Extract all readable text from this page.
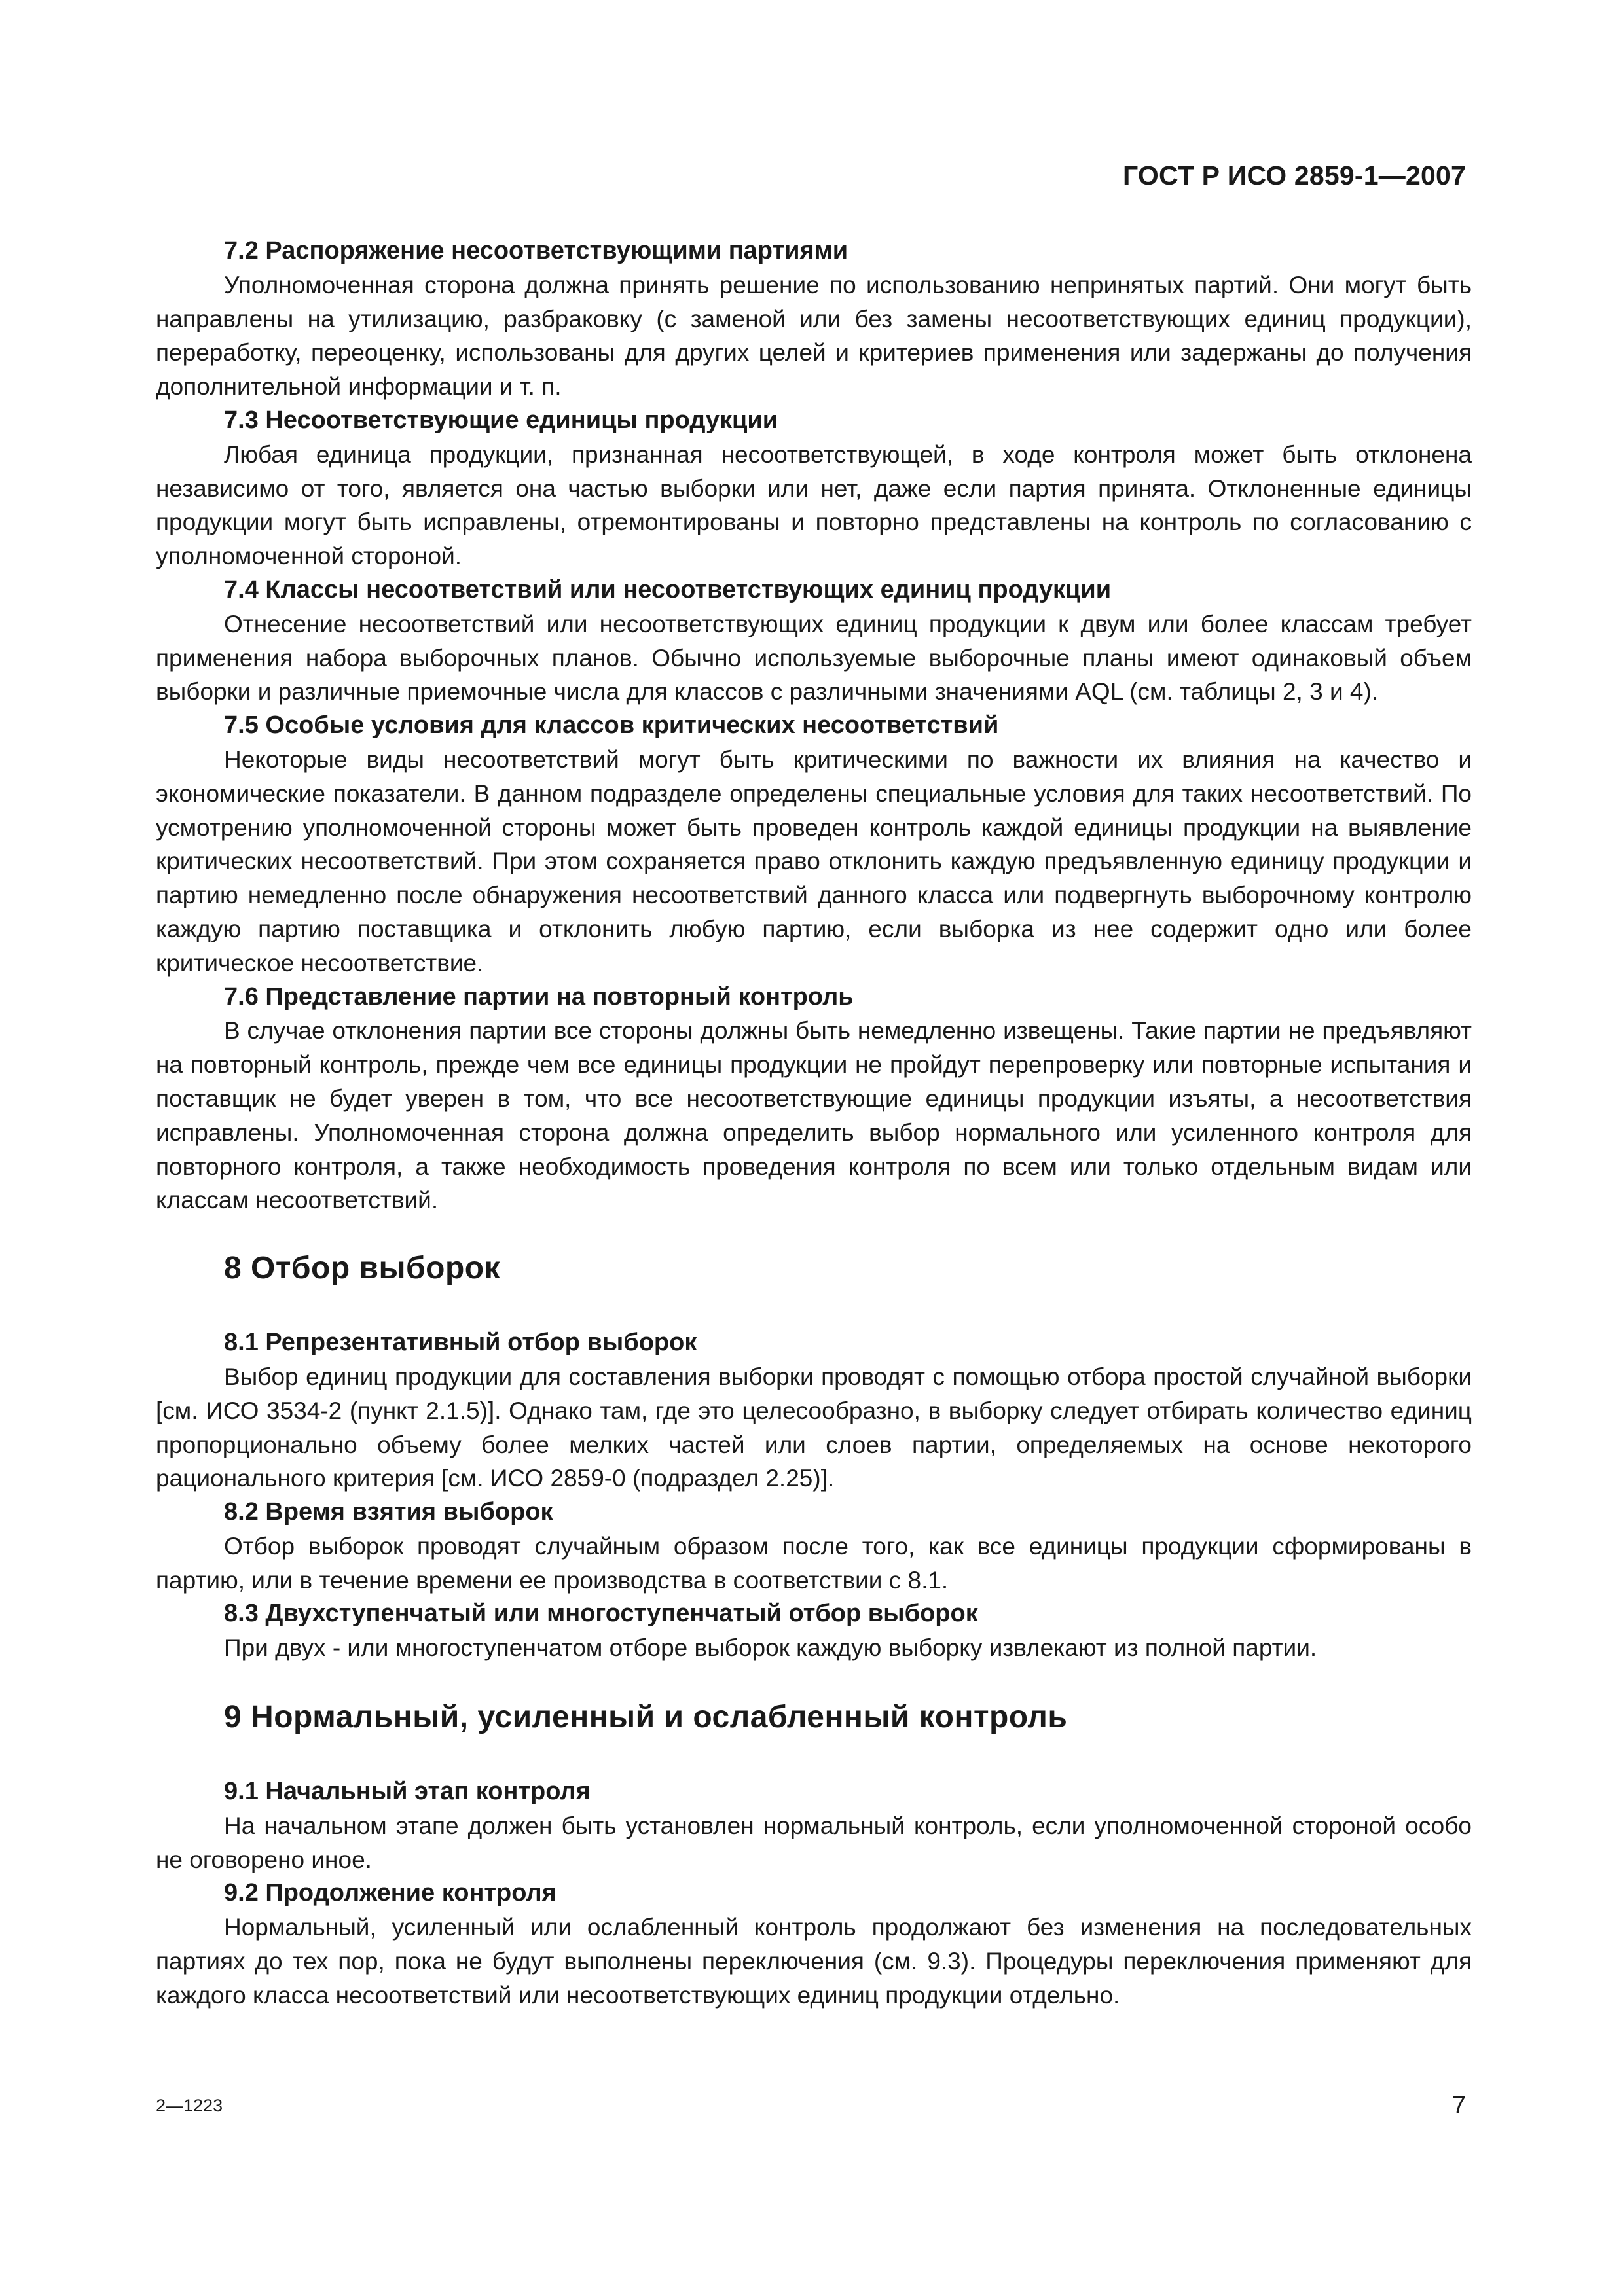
ГОСТ Р ИСО 2859-1—2007
7.2 Распоряжение несоответствующими партиями

Уполномоченная сторона должна принять решение по использованию непринятых партий. Они могут быть направлены на утилизацию, разбраковку (с заменой или без замены несоответствующих единиц продукции), переработку, переоценку, использованы для других целей и критериев применения или задержаны до получения дополнительной информации и т. п.

7.3 Несоответствующие единицы продукции

Любая единица продукции, признанная несоответствующей, в ходе контроля может быть отклонена независимо от того, является она частью выборки или нет, даже если партия принята. Отклоненные единицы продукции могут быть исправлены, отремонтированы и повторно представлены на контроль по согласованию с уполномоченной стороной.

7.4 Классы несоответствий или несоответствующих единиц продукции

Отнесение несоответствий или несоответствующих единиц продукции к двум или более классам требует применения набора выборочных планов. Обычно используемые выборочные планы имеют одинаковый объем выборки и различные приемочные числа для классов с различными значениями AQL (см. таблицы 2, 3 и 4).

7.5 Особые условия для классов критических несоответствий

Некоторые виды несоответствий могут быть критическими по важности их влияния на качество и экономические показатели. В данном подразделе определены специальные условия для таких несоответствий. По усмотрению уполномоченной стороны может быть проведен контроль каждой единицы продукции на выявление критических несоответствий. При этом сохраняется право отклонить каждую предъявленную единицу продукции и партию немедленно после обнаружения несоответствий данного класса или подвергнуть выборочному контролю каждую партию поставщика и отклонить любую партию, если выборка из нее содержит одно или более критическое несоответствие.

7.6 Представление партии на повторный контроль

В случае отклонения партии все стороны должны быть немедленно извещены. Такие партии не предъявляют на повторный контроль, прежде чем все единицы продукции не пройдут перепроверку или повторные испытания и поставщик не будет уверен в том, что все несоответствующие единицы продукции изъяты, а несоответствия исправлены. Уполномоченная сторона должна определить выбор нормального или усиленного контроля для повторного контроля, а также необходимость проведения контроля по всем или только отдельным видам или классам несоответствий.

8 Отбор выборок
8.1 Репрезентативный отбор выборок

Выбор единиц продукции для составления выборки проводят с помощью отбора простой случайной выборки [см. ИСО 3534-2 (пункт 2.1.5)]. Однако там, где это целесообразно, в выборку следует отбирать количество единиц пропорционально объему более мелких частей или слоев партии, определяемых на основе некоторого рационального критерия [см. ИСО 2859-0 (подраздел 2.25)].

8.2 Время взятия выборок

Отбор выборок проводят случайным образом после того, как все единицы продукции сформированы в партию, или в течение времени ее производства в соответствии с 8.1.

8.3 Двухступенчатый или многоступенчатый отбор выборок

При двух - или многоступенчатом отборе выборок каждую выборку извлекают из полной партии.

9 Нормальный, усиленный и ослабленный контроль
9.1 Начальный этап контроля

На начальном этапе должен быть установлен нормальный контроль, если уполномоченной стороной особо не оговорено иное.

9.2 Продолжение контроля

Нормальный, усиленный или ослабленный контроль продолжают без изменения на последовательных партиях до тех пор, пока не будут выполнены переключения (см. 9.3). Процедуры переключения применяют для каждого класса несоответствий или несоответствующих единиц продукции отдельно.

2—1223	7
